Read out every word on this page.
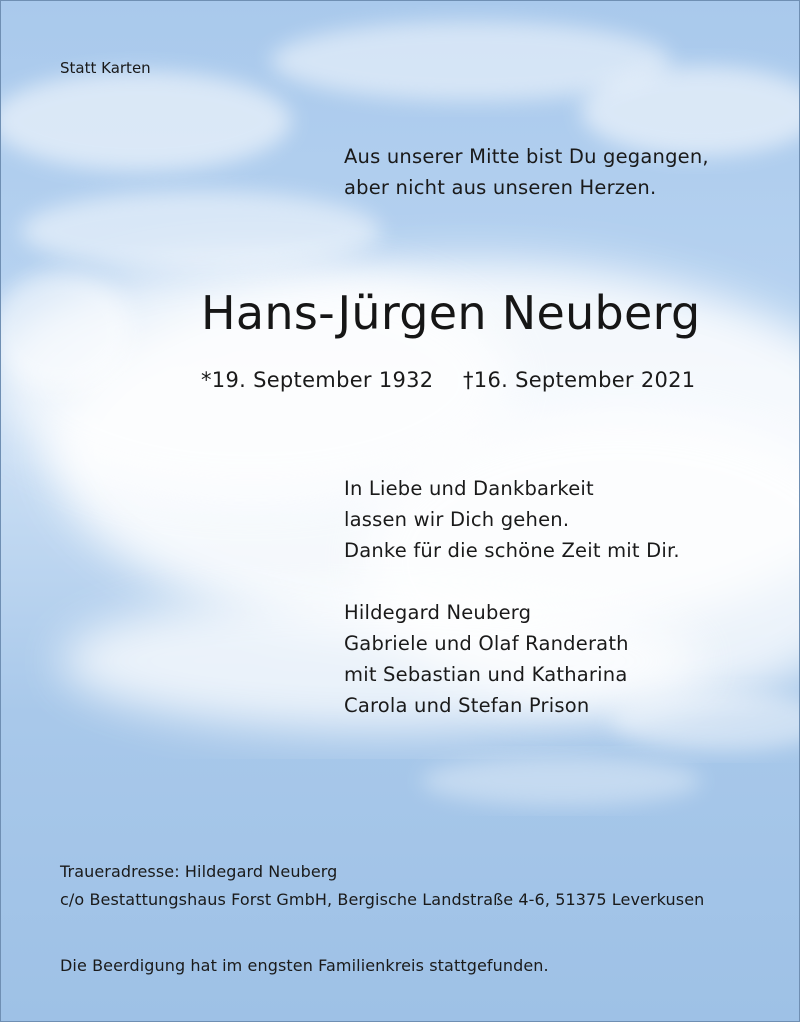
Statt Karten

Aus unserer Mitte bist Du gegangen,
aber nicht aus unseren Herzen.
Hans-Jürgen Neuberg

*19. September 1932 †16. September 2021

In Liebe und Dankbarkeit
lassen wir Dich gehen.
Danke für die schöne Zeit mit Dir.
Hildegard Neuberg
Gabriele und Olaf Randerath
mit Sebastian und Katharina
Carola und Stefan Prison
Traueradresse: Hildegard Neuberg
c/o Bestattungshaus Forst GmbH, Bergische Landstraße 4-6, 51375 Leverkusen

Die Beerdigung hat im engsten Familienkreis stattgefunden.
